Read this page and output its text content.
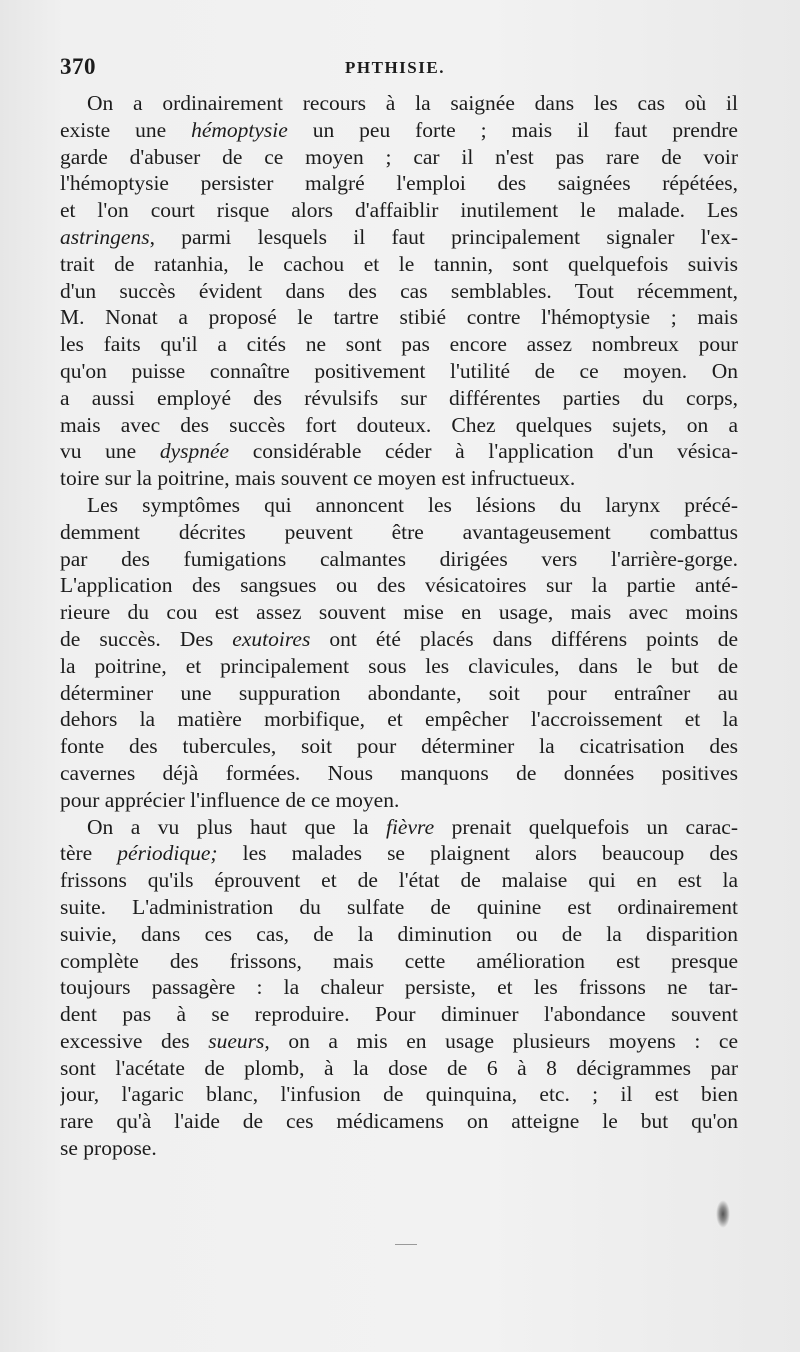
370	PHTHISIE.
On a ordinairement recours à la saignée dans les cas où il
existe une hémoptysie un peu forte ; mais il faut prendre
garde d'abuser de ce moyen ; car il n'est pas rare de voir
l'hémoptysie persister malgré l'emploi des saignées répétées,
et l'on court risque alors d'affaiblir inutilement le malade. Les
astringens, parmi lesquels il faut principalement signaler l'ex-
trait de ratanhia, le cachou et le tannin, sont quelquefois suivis
d'un succès évident dans des cas semblables. Tout récemment,
M. Nonat a proposé le tartre stibié contre l'hémoptysie ; mais
les faits qu'il a cités ne sont pas encore assez nombreux pour
qu'on puisse connaître positivement l'utilité de ce moyen. On
a aussi employé des révulsifs sur différentes parties du corps,
mais avec des succès fort douteux. Chez quelques sujets, on a
vu une dyspnée considérable céder à l'application d'un vésica-
toire sur la poitrine, mais souvent ce moyen est infructueux.
Les symptômes qui annoncent les lésions du larynx précé-
demment décrites peuvent être avantageusement combattus
par des fumigations calmantes dirigées vers l'arrière-gorge.
L'application des sangsues ou des vésicatoires sur la partie anté-
rieure du cou est assez souvent mise en usage, mais avec moins
de succès. Des exutoires ont été placés dans différens points de
la poitrine, et principalement sous les clavicules, dans le but de
déterminer une suppuration abondante, soit pour entraîner au
dehors la matière morbifique, et empêcher l'accroissement et la
fonte des tubercules, soit pour déterminer la cicatrisation des
cavernes déjà formées. Nous manquons de données positives
pour apprécier l'influence de ce moyen.
On a vu plus haut que la fièvre prenait quelquefois un carac-
tère périodique; les malades se plaignent alors beaucoup des
frissons qu'ils éprouvent et de l'état de malaise qui en est la
suite. L'administration du sulfate de quinine est ordinairement
suivie, dans ces cas, de la diminution ou de la disparition
complète des frissons, mais cette amélioration est presque
toujours passagère : la chaleur persiste, et les frissons ne tar-
dent pas à se reproduire. Pour diminuer l'abondance souvent
excessive des sueurs, on a mis en usage plusieurs moyens : ce
sont l'acétate de plomb, à la dose de 6 à 8 décigrammes par
jour, l'agaric blanc, l'infusion de quinquina, etc. ; il est bien
rare qu'à l'aide de ces médicamens on atteigne le but qu'on
se propose.
